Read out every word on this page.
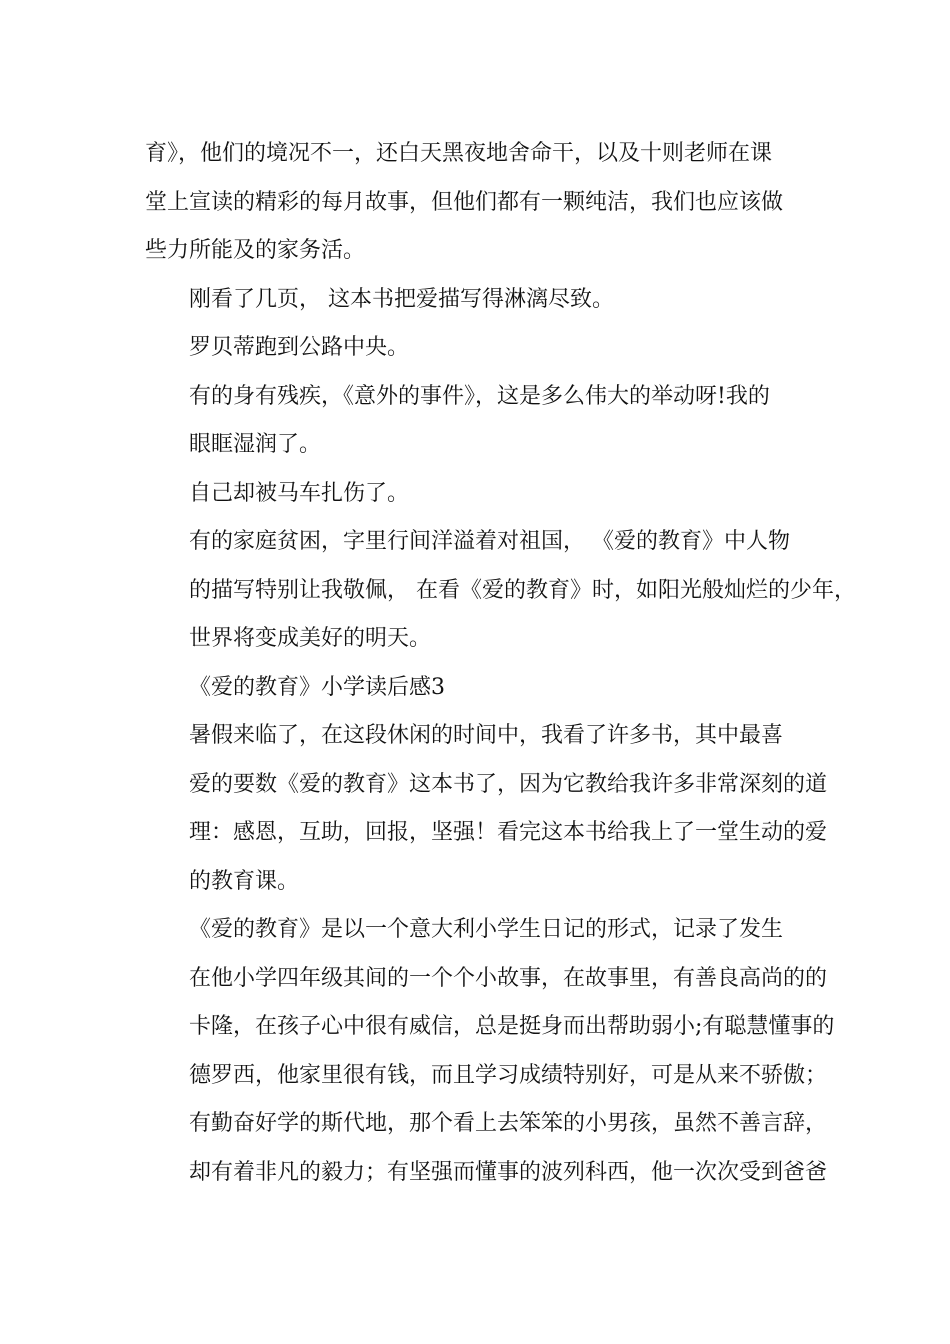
育》，他们的境况不一，还白天黑夜地舍命干，以及十则老师在课
堂上宣读的精彩的每月故事，但他们都有一颗纯洁，我们也应该做
些力所能及的家务活。

刚看了几页， 这本书把爱描写得淋漓尽致。

罗贝蒂跑到公路中央。

有的身有残疾，《意外的事件》，这是多么伟大的举动呀!我的
眼眶湿润了。

自己却被马车扎伤了。

有的家庭贫困，字里行间洋溢着对祖国， 《爱的教育》中人物
的描写特别让我敬佩， 在看《爱的教育》时，如阳光般灿烂的少年，
世界将变成美好的明天。

《爱的教育》小学读后感3

暑假来临了，在这段休闲的时间中，我看了许多书，其中最喜
爱的要数《爱的教育》这本书了，因为它教给我许多非常深刻的道
理：感恩，互助，回报，坚强！看完这本书给我上了一堂生动的爱
的教育课。

《爱的教育》是以一个意大利小学生日记的形式，记录了发生
在他小学四年级其间的一个个小故事，在故事里，有善良高尚的的
卡隆，在孩子心中很有威信，总是挺身而出帮助弱小;有聪慧懂事的
德罗西，他家里很有钱，而且学习成绩特别好，可是从来不骄傲；
有勤奋好学的斯代地，那个看上去笨笨的小男孩，虽然不善言辞，
却有着非凡的毅力；有坚强而懂事的波列科西，他一次次受到爸爸
